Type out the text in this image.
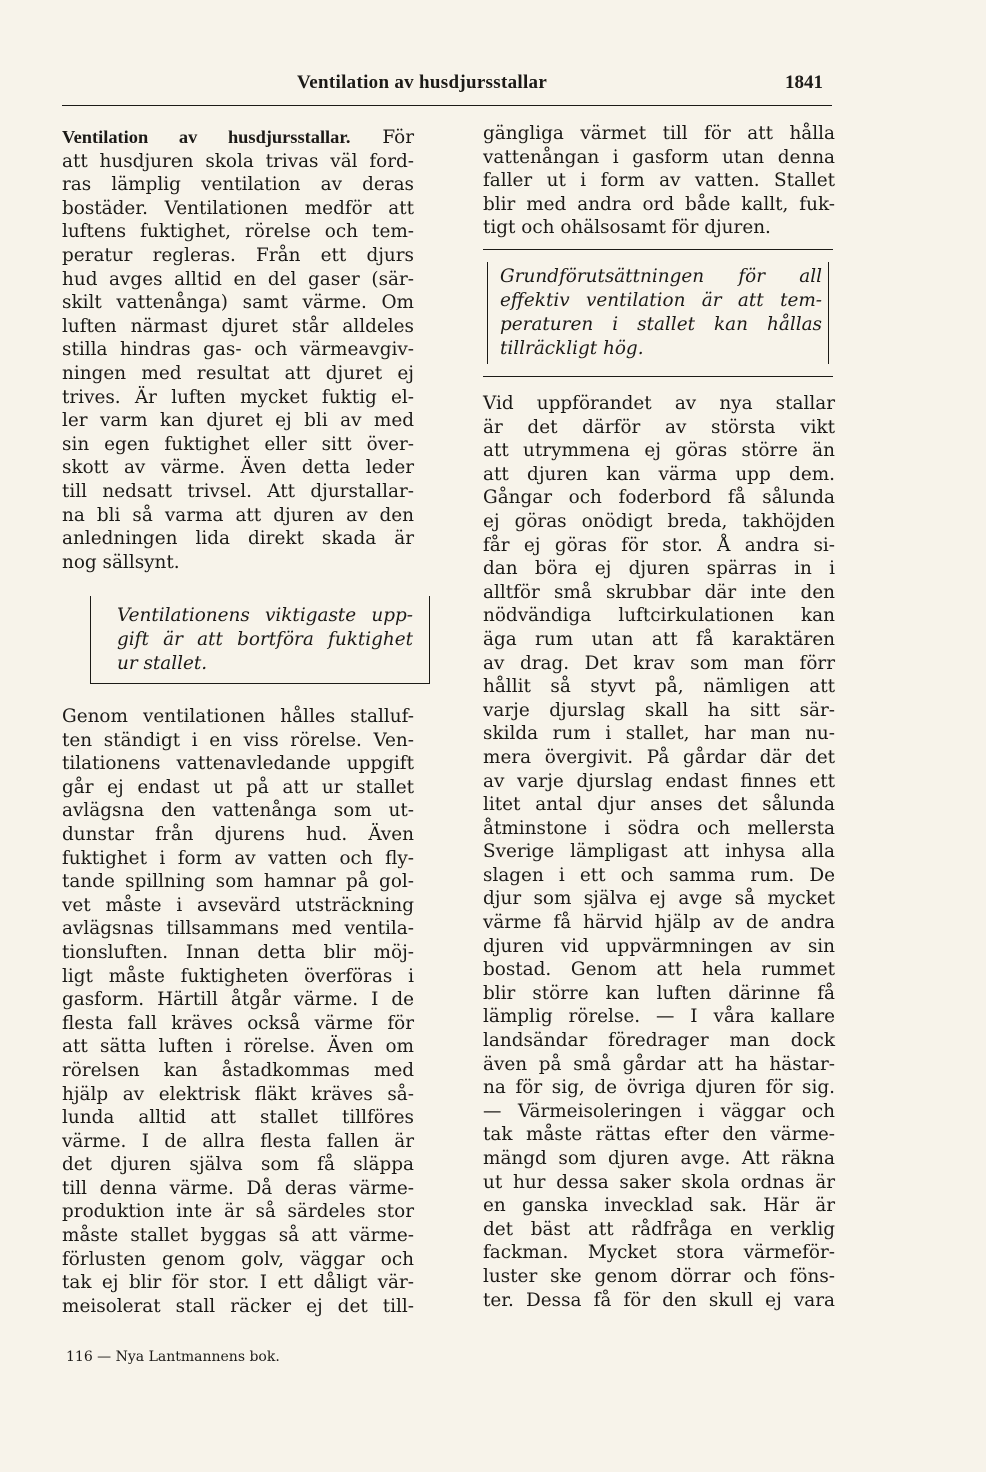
Ventilation av husdjursstallar	1841
Ventilation av husdjursstallar. För
att husdjuren skola trivas väl ford-
ras lämplig ventilation av deras
bostäder. Ventilationen medför att
luftens fuktighet, rörelse och tem-
peratur regleras. Från ett djurs
hud avges alltid en del gaser (sär-
skilt vattenånga) samt värme. Om
luften närmast djuret står alldeles
stilla hindras gas- och värmeavgiv-
ningen med resultat att djuret ej
trives. Är luften mycket fuktig el-
ler varm kan djuret ej bli av med
sin egen fuktighet eller sitt över-
skott av värme. Även detta leder
till nedsatt trivsel. Att djurstallar-
na bli så varma att djuren av den
anledningen lida direkt skada är
nog sällsynt.
Ventilationens viktigaste upp-
gift är att bortföra fuktighet
ur stallet.
Genom ventilationen hålles stalluf-
ten ständigt i en viss rörelse. Ven-
tilationens vattenavledande uppgift
går ej endast ut på att ur stallet
avlägsna den vattenånga som ut-
dunstar från djurens hud. Även
fuktighet i form av vatten och fly-
tande spillning som hamnar på gol-
vet måste i avsevärd utsträckning
avlägsnas tillsammans med ventila-
tionsluften. Innan detta blir möj-
ligt måste fuktigheten överföras i
gasform. Härtill åtgår värme. I de
flesta fall kräves också värme för
att sätta luften i rörelse. Även om
rörelsen kan åstadkommas med
hjälp av elektrisk fläkt kräves så-
lunda alltid att stallet tillföres
värme. I de allra flesta fallen är
det djuren själva som få släppa
till denna värme. Då deras värme-
produktion inte är så särdeles stor
måste stallet byggas så att värme-
förlusten genom golv, väggar och
tak ej blir för stor. I ett dåligt vär-
meisolerat stall räcker ej det till-
gängliga värmet till för att hålla
vattenångan i gasform utan denna
faller ut i form av vatten. Stallet
blir med andra ord både kallt, fuk-
tigt och ohälsosamt för djuren.
Grundförutsättningen för all
effektiv ventilation är att tem-
peraturen i stallet kan hållas
tillräckligt hög.
Vid uppförandet av nya stallar
är det därför av största vikt
att utrymmena ej göras större än
att djuren kan värma upp dem.
Gångar och foderbord få sålunda
ej göras onödigt breda, takhöjden
får ej göras för stor. Å andra si-
dan böra ej djuren spärras in i
alltför små skrubbar där inte den
nödvändiga luftcirkulationen kan
äga rum utan att få karaktären
av drag. Det krav som man förr
hållit så styvt på, nämligen att
varje djurslag skall ha sitt sär-
skilda rum i stallet, har man nu-
mera övergivit. På gårdar där det
av varje djurslag endast finnes ett
litet antal djur anses det sålunda
åtminstone i södra och mellersta
Sverige lämpligast att inhysa alla
slagen i ett och samma rum. De
djur som själva ej avge så mycket
värme få härvid hjälp av de andra
djuren vid uppvärmningen av sin
bostad. Genom att hela rummet
blir större kan luften därinne få
lämplig rörelse. — I våra kallare
landsändar föredrager man dock
även på små gårdar att ha hästar-
na för sig, de övriga djuren för sig.
— Värmeisoleringen i väggar och
tak måste rättas efter den värme-
mängd som djuren avge. Att räkna
ut hur dessa saker skola ordnas är
en ganska invecklad sak. Här är
det bäst att rådfråga en verklig
fackman. Mycket stora värmeför-
luster ske genom dörrar och föns-
ter. Dessa få för den skull ej vara
116 — Nya Lantmannens bok.
